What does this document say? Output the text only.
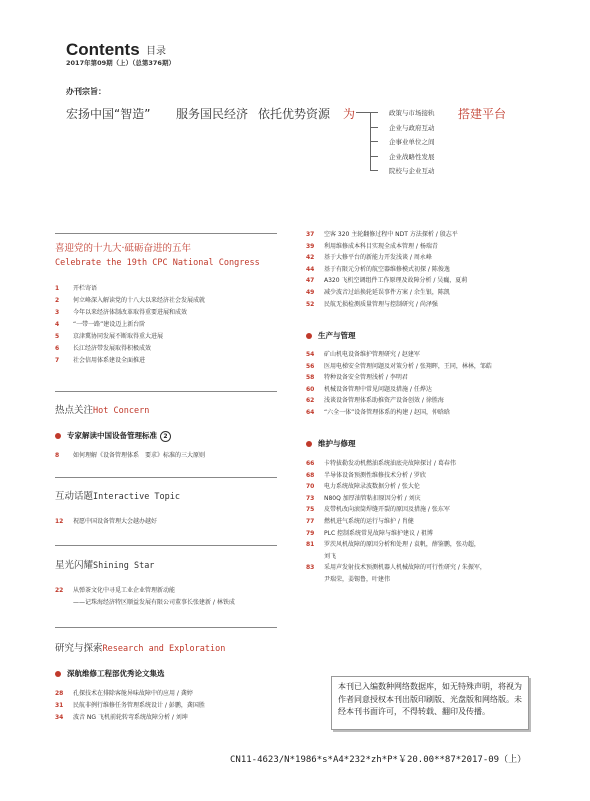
Contents 目录
2017年第09期（上）（总第376期）
办刊宗旨：
宏扬中国“智造” 服务国民经济 依托优势资源 为	搭建平台
政策与市场接轨
企业与政府互动
企事业单位之间
企业战略性发展
院校与企业互动
喜迎党的十九大·砥砺奋进的五年
Celebrate the 19th CPC National Congress
1 开栏寄语
2 何立峰深入解读党的十八大以来经济社会发展成就
3 今年以来经济体制改革取得重要进展和成效
4 “一带一路”建设迈上新台阶
5 京津冀协同发展不断取得重大进展
6 长江经济带发展取得积极成效
7 社会信用体系建设全面推进
热点关注Hot Concern
专家解读中国设备管理标准 2
8 如何理解《设备管理体系　要求》标准的三大原则
互动话题Interactive Topic
12 祝愿中国设备管理大会越办越好
星光闪耀Shining Star
22 从弹茶文化中寻觅工业企业管理新动能
——记珠海经济特区顺益发展有限公司董事长张建新 / 林铁成
研究与探索Research and Exploration
深航维修工程部优秀论文集选
28 孔探技术在排除客舱异味故障中的应用 / 龚婷
31 民航非例行维修任务管理系统设计 / 彭鹏，龚国胜
34 波音 NG 飞机前轮转弯系统故障分析 / 刘坤
37 空客 320 主轮翻修过程中 NDT 方法探析 / 殷志平
39 利用维修成本科目实现全成本管理 / 杨瑞青
42 基于大修平台的新能力开发浅谈 / 周永峰
44 基于有限元分析的航空器维修模式初探 / 陈俊逸
47 A320 飞机空调组件工作原理及故障分析 / 吴巍，夏莉
49 减少波音过站换轮延误事件方案 / 余生银，陈凯
52 民航无损检测质量管理与控制研究 / 尚泽强
生产与管理
54 矿山机电设备维护管理研究 / 赵建军
56 医用电梯安全管理问题及对策分析 / 张翔晖，王同，林林，邹皓
58 特种设备安全管理浅析 / 李明君
60 机械设备管理中常见问题及措施 / 任烨达
62 浅谈设备管理体系助推资产设备创效 / 徐胜海
64 “六全一体”设备管理体系的构建 / 赵国，仲晗晗
维护与修理
66 卡特拔勒发动机燃油系统油底壳故障探讨 / 葛春伟
68 半导体设备预测性维修技术分析 / 罗欣
70 电力系统故障录波数据分析 / 张大伦
73 N80Q 加厚油管粘扣原因分析 / 刘庆
75 皮带机改向滚筒焊缝开裂的原因及措施 / 张东军
77 燃机进气系统的运行与维护 / 肖健
79 PLC 控制系统常见故障与维护建议 / 祖博
81 罗茨风机故障的原因分析和处理 / 袁帆，薛鉴鹏，张功超，
刘飞
83 采用声发射技术预测机器人机械故障的可行性研究 / 朱振军，
尹瑞荣，姜锡鲁，叶建伟
本刊已入编数种网络数据库，如无特殊声明，将视为作者同意授权本刊出版印刷版、光盘版和网络版。未经本刊书面许可，不得转载、翻印及传播。
CN11-4623/N*1986*s*A4*232*zh*P*￥20.00**87*2017-09（上）
